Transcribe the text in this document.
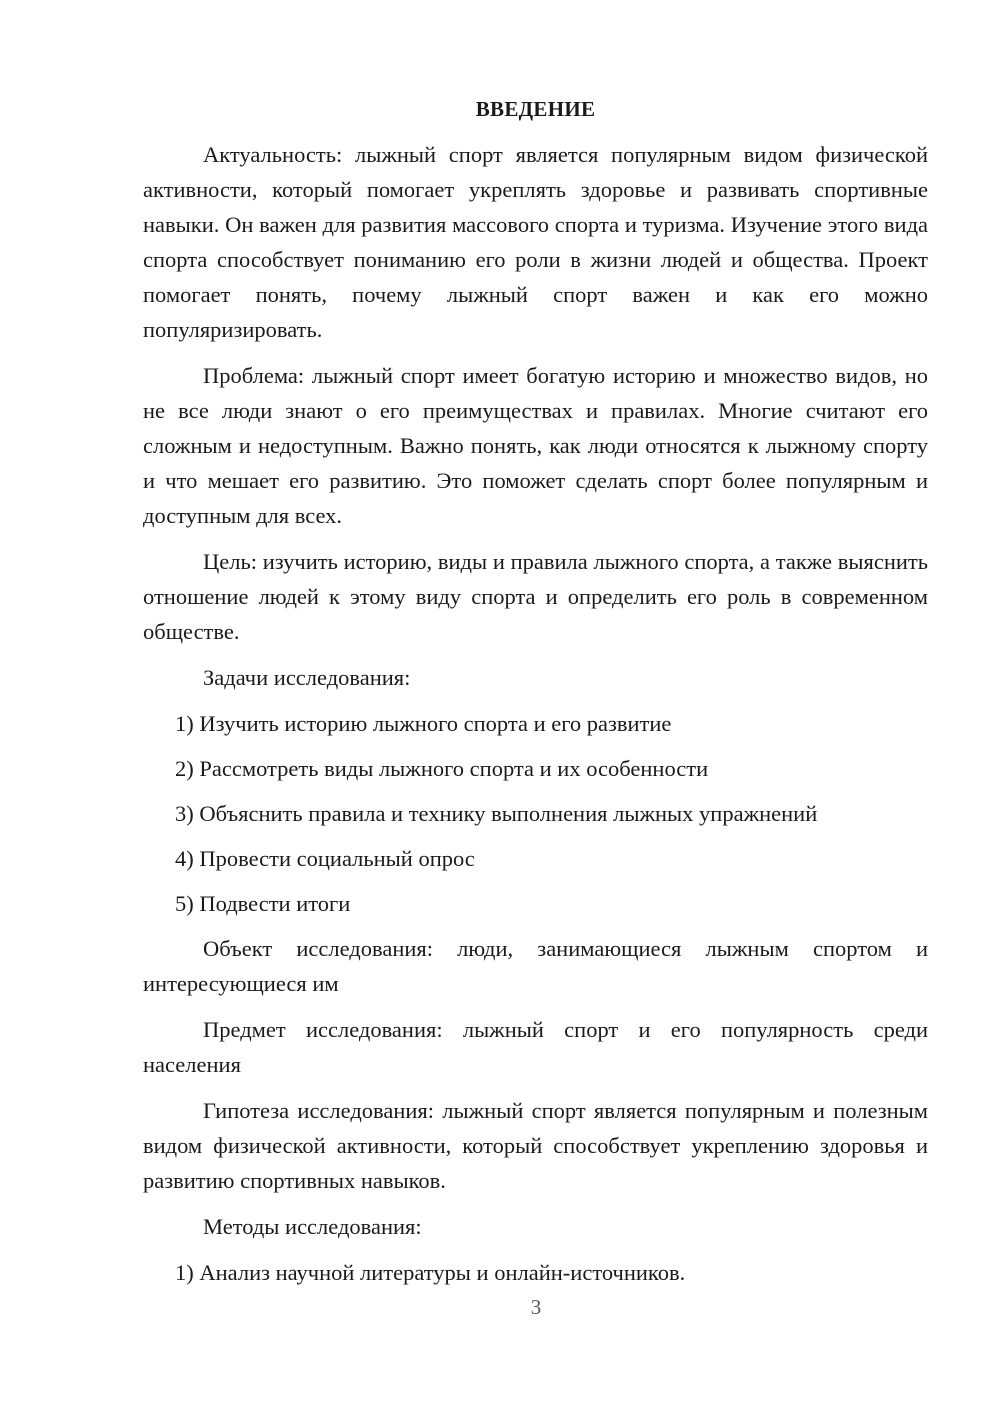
ВВЕДЕНИЕ

Актуальность: лыжный спорт является популярным видом физической активности, который помогает укреплять здоровье и развивать спортивные навыки. Он важен для развития массового спорта и туризма. Изучение этого вида спорта способствует пониманию его роли в жизни людей и общества. Проект помогает понять, почему лыжный спорт важен и как его можно популяризировать.

Проблема: лыжный спорт имеет богатую историю и множество видов, но не все люди знают о его преимуществах и правилах. Многие считают его сложным и недоступным. Важно понять, как люди относятся к лыжному спорту и что мешает его развитию. Это поможет сделать спорт более популярным и доступным для всех.

Цель: изучить историю, виды и правила лыжного спорта, а также выяснить отношение людей к этому виду спорта и определить его роль в современном обществе.

Задачи исследования:

1) Изучить историю лыжного спорта и его развитие
2) Рассмотреть виды лыжного спорта и их особенности
3) Объяснить правила и технику выполнения лыжных упражнений
4) Провести социальный опрос
5) Подвести итоги

Объект исследования: люди, занимающиеся лыжным спортом и интересующиеся им

Предмет исследования: лыжный спорт и его популярность среди населения

Гипотеза исследования: лыжный спорт является популярным и полезным видом физической активности, который способствует укреплению здоровья и развитию спортивных навыков.

Методы исследования:

1) Анализ научной литературы и онлайн-источников.
3
